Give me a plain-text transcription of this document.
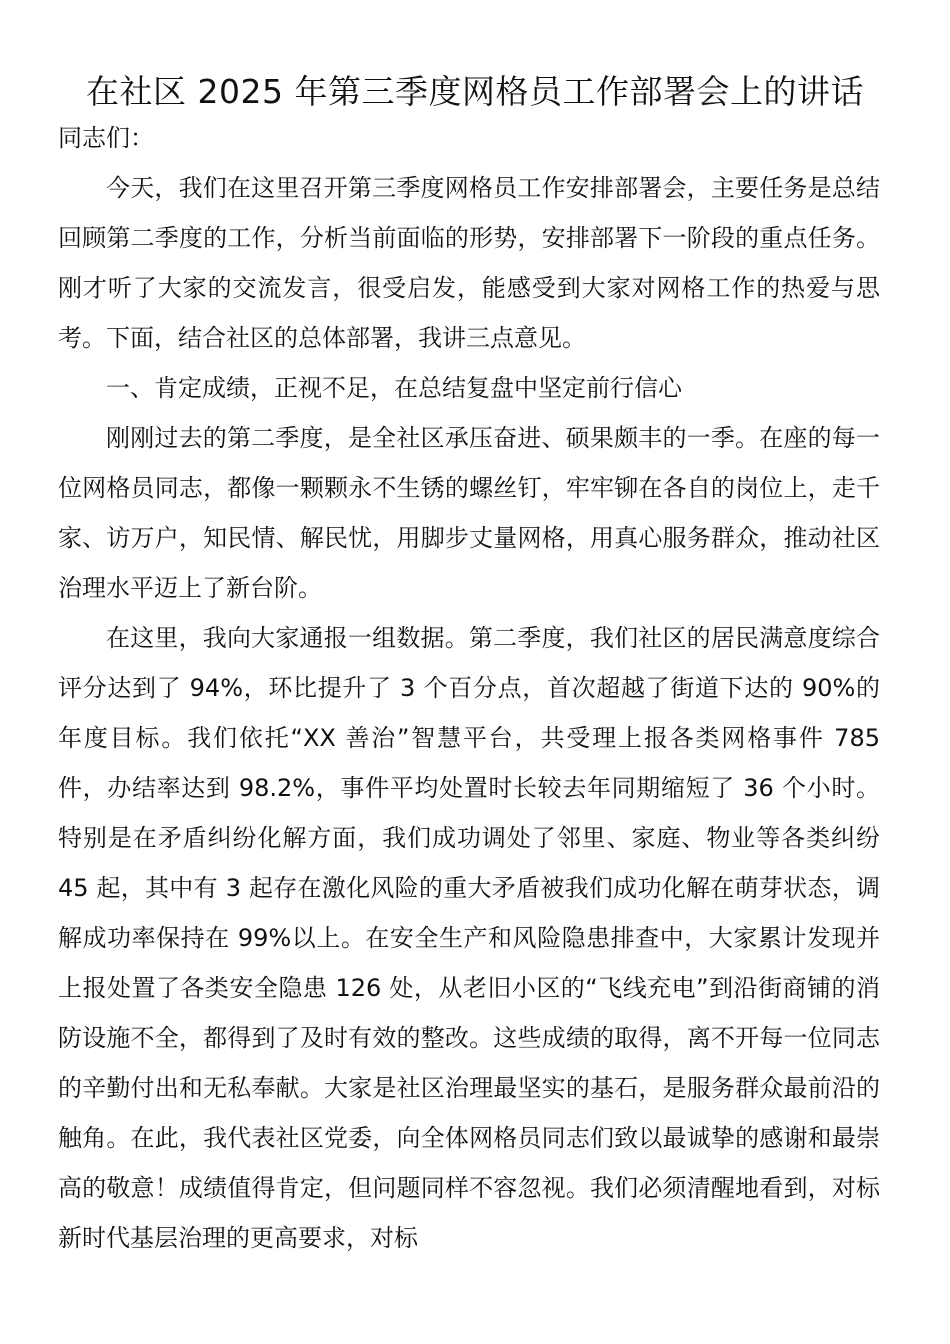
在社区 2025 年第三季度网格员工作部署会上的讲话

同志们：

今天，我们在这里召开第三季度网格员工作安排部署会，主要任务是总结回顾第二季度的工作，分析当前面临的形势，安排部署下一阶段的重点任务。刚才听了大家的交流发言，很受启发，能感受到大家对网格工作的热爱与思考。下面，结合社区的总体部署，我讲三点意见。

一、肯定成绩，正视不足，在总结复盘中坚定前行信心

刚刚过去的第二季度，是全社区承压奋进、硕果颇丰的一季。在座的每一位网格员同志，都像一颗颗永不生锈的螺丝钉，牢牢铆在各自的岗位上，走千家、访万户，知民情、解民忧，用脚步丈量网格，用真心服务群众，推动社区治理水平迈上了新台阶。

在这里，我向大家通报一组数据。第二季度，我们社区的居民满意度综合评分达到了 94%，环比提升了 3 个百分点，首次超越了街道下达的 90%的年度目标。我们依托“XX 善治”智慧平台，共受理上报各类网格事件 785 件，办结率达到 98.2%，事件平均处置时长较去年同期缩短了 36 个小时。特别是在矛盾纠纷化解方面，我们成功调处了邻里、家庭、物业等各类纠纷 45 起，其中有 3 起存在激化风险的重大矛盾被我们成功化解在萌芽状态，调解成功率保持在 99%以上。在安全生产和风险隐患排查中，大家累计发现并上报处置了各类安全隐患 126 处，从老旧小区的“飞线充电”到沿街商铺的消防设施不全，都得到了及时有效的整改。这些成绩的取得，离不开每一位同志的辛勤付出和无私奉献。大家是社区治理最坚实的基石，是服务群众最前沿的触角。在此，我代表社区党委，向全体网格员同志们致以最诚挚的感谢和最崇高的敬意！成绩值得肯定，但问题同样不容忽视。我们必须清醒地看到，对标新时代基层治理的更高要求，对标
